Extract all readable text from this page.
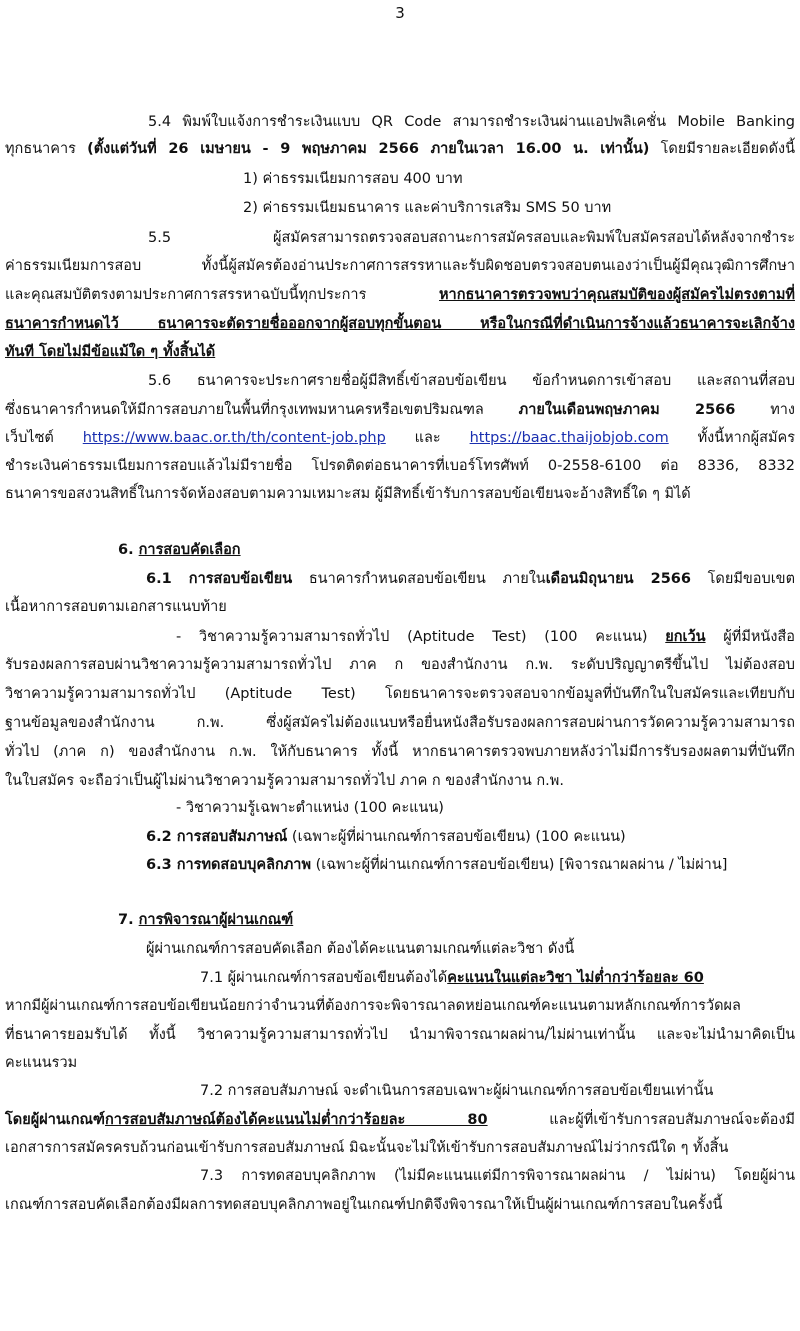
3
5.4 พิมพ์ใบแจ้งการชำระเงินแบบ QR Code สามารถชำระเงินผ่านแอปพลิเคชั่น Mobile Banking
ทุกธนาคาร (ตั้งแต่วันที่ 26 เมษายน - 9 พฤษภาคม 2566 ภายในเวลา 16.00 น. เท่านั้น) โดยมีรายละเอียดดังนี้
1) ค่าธรรมเนียมการสอบ 400 บาท
2) ค่าธรรมเนียมธนาคาร และค่าบริการเสริม SMS 50 บาท
5.5 ผู้สมัครสามารถตรวจสอบสถานะการสมัครสอบและพิมพ์ใบสมัครสอบได้หลังจากชำระ
ค่าธรรมเนียมการสอบ ทั้งนี้ผู้สมัครต้องอ่านประกาศการสรรหาและรับผิดชอบตรวจสอบตนเองว่าเป็นผู้มีคุณวุฒิการศึกษา
และคุณสมบัติตรงตามประกาศการสรรหาฉบับนี้ทุกประการ หากธนาคารตรวจพบว่าคุณสมบัติของผู้สมัครไม่ตรงตามที่
ธนาคารกำหนดไว้ ธนาคารจะตัดรายชื่อออกจากผู้สอบทุกขั้นตอน หรือในกรณีที่ดำเนินการจ้างแล้วธนาคารจะเลิกจ้าง
ทันที โดยไม่มีข้อแม้ใด ๆ ทั้งสิ้นได้
5.6 ธนาคารจะประกาศรายชื่อผู้มีสิทธิ์เข้าสอบข้อเขียน ข้อกำหนดการเข้าสอบ และสถานที่สอบ
ซึ่งธนาคารกำหนดให้มีการสอบภายในพื้นที่กรุงเทพมหานครหรือเขตปริมณฑล ภายในเดือนพฤษภาคม 2566 ทาง
เว็บไซต์ https://www.baac.or.th/th/content-job.php และ https://baac.thaijobjob.com ทั้งนี้หากผู้สมัคร
ชำระเงินค่าธรรมเนียมการสอบแล้วไม่มีรายชื่อ โปรดติดต่อธนาคารที่เบอร์โทรศัพท์ 0-2558-6100 ต่อ 8336, 8332
ธนาคารขอสงวนสิทธิ์ในการจัดห้องสอบตามความเหมาะสม ผู้มีสิทธิ์เข้ารับการสอบข้อเขียนจะอ้างสิทธิ์ใด ๆ มิได้
6. การสอบคัดเลือก
6.1 การสอบข้อเขียน ธนาคารกำหนดสอบข้อเขียน ภายในเดือนมิถุนายน 2566 โดยมีขอบเขต
เนื้อหาการสอบตามเอกสารแนบท้าย
- วิชาความรู้ความสามารถทั่วไป (Aptitude Test) (100 คะแนน) ยกเว้น ผู้ที่มีหนังสือ
รับรองผลการสอบผ่านวิชาความรู้ความสามารถทั่วไป ภาค ก ของสำนักงาน ก.พ. ระดับปริญญาตรีขึ้นไป ไม่ต้องสอบ
วิชาความรู้ความสามารถทั่วไป (Aptitude Test) โดยธนาคารจะตรวจสอบจากข้อมูลที่บันทึกในใบสมัครและเทียบกับ
ฐานข้อมูลของสำนักงาน ก.พ. ซึ่งผู้สมัครไม่ต้องแนบหรือยื่นหนังสือรับรองผลการสอบผ่านการวัดความรู้ความสามารถ
ทั่วไป (ภาค ก) ของสำนักงาน ก.พ. ให้กับธนาคาร ทั้งนี้ หากธนาคารตรวจพบภายหลังว่าไม่มีการรับรองผลตามที่บันทึก
ในใบสมัคร จะถือว่าเป็นผู้ไม่ผ่านวิชาความรู้ความสามารถทั่วไป ภาค ก ของสำนักงาน ก.พ.
- วิชาความรู้เฉพาะตำแหน่ง (100 คะแนน)
6.2 การสอบสัมภาษณ์ (เฉพาะผู้ที่ผ่านเกณฑ์การสอบข้อเขียน) (100 คะแนน)
6.3 การทดสอบบุคลิกภาพ (เฉพาะผู้ที่ผ่านเกณฑ์การสอบข้อเขียน) [พิจารณาผลผ่าน / ไม่ผ่าน]
7. การพิจารณาผู้ผ่านเกณฑ์
ผู้ผ่านเกณฑ์การสอบคัดเลือก ต้องได้คะแนนตามเกณฑ์แต่ละวิชา ดังนี้
7.1 ผู้ผ่านเกณฑ์การสอบข้อเขียนต้องได้คะแนนในแต่ละวิชา ไม่ต่ำกว่าร้อยละ 60
หากมีผู้ผ่านเกณฑ์การสอบข้อเขียนน้อยกว่าจำนวนที่ต้องการจะพิจารณาลดหย่อนเกณฑ์คะแนนตามหลักเกณฑ์การวัดผล
ที่ธนาคารยอมรับได้ ทั้งนี้ วิชาความรู้ความสามารถทั่วไป นำมาพิจารณาผลผ่าน/ไม่ผ่านเท่านั้น และจะไม่นำมาคิดเป็น
คะแนนรวม
7.2 การสอบสัมภาษณ์ จะดำเนินการสอบเฉพาะผู้ผ่านเกณฑ์การสอบข้อเขียนเท่านั้น
โดยผู้ผ่านเกณฑ์การสอบสัมภาษณ์ต้องได้คะแนนไม่ต่ำกว่าร้อยละ 80 และผู้ที่เข้ารับการสอบสัมภาษณ์จะต้องมี
เอกสารการสมัครครบถ้วนก่อนเข้ารับการสอบสัมภาษณ์ มิฉะนั้นจะไม่ให้เข้ารับการสอบสัมภาษณ์ไม่ว่ากรณีใด ๆ ทั้งสิ้น
7.3 การทดสอบบุคลิกภาพ (ไม่มีคะแนนแต่มีการพิจารณาผลผ่าน / ไม่ผ่าน) โดยผู้ผ่าน
เกณฑ์การสอบคัดเลือกต้องมีผลการทดสอบบุคลิกภาพอยู่ในเกณฑ์ปกติจึงพิจารณาให้เป็นผู้ผ่านเกณฑ์การสอบในครั้งนี้
